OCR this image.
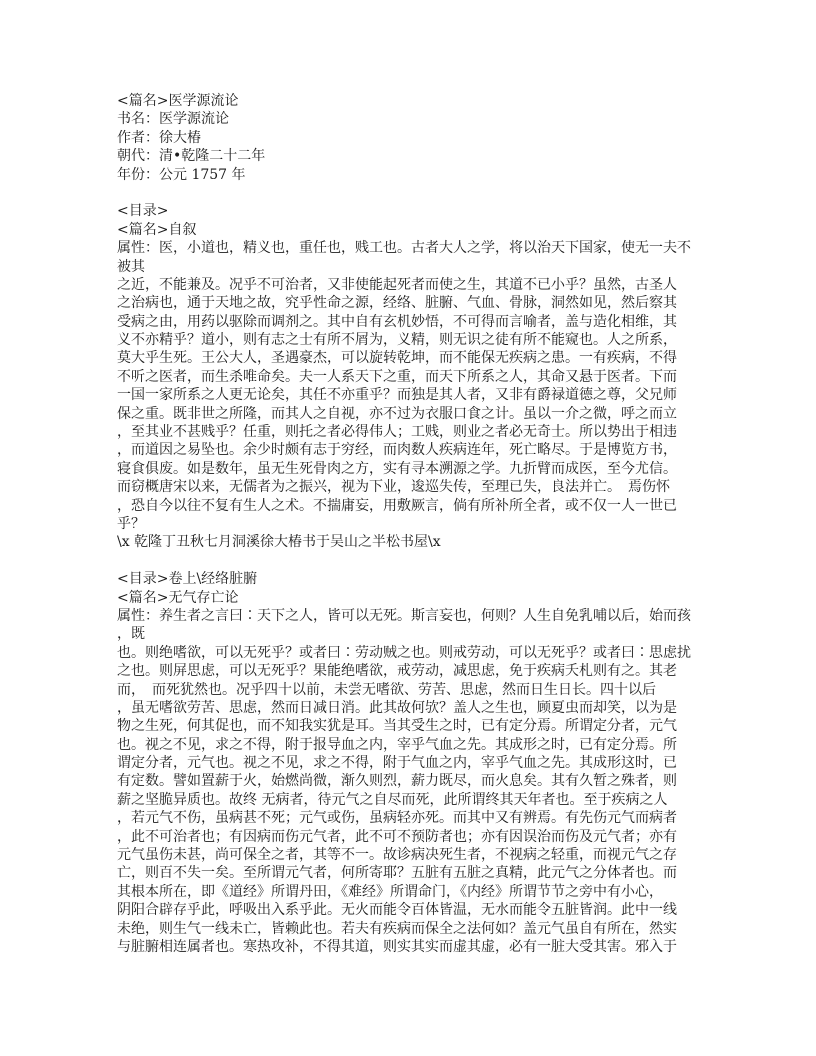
<篇名>医学源流论
书名：医学源流论
作者：徐大椿
朝代：清•乾隆二十二年
年份：公元 1757 年
<目录>
<篇名>自叙
属性：医，小道也，精义也，重任也，贱工也。古者大人之学，将以治天下国家，使无一夫不
被其
之近，不能兼及。况乎不可治者，又非使能起死者而使之生，其道不已小乎？虽然，古圣人
之治病也，通于天地之故，究乎性命之源，经络、脏腑、气血、骨脉，洞然如见，然后察其
受病之由，用药以驱除而调剂之。其中自有玄机妙悟，不可得而言喻者，盖与造化相维，其
义不亦精乎？道小，则有志之士有所不屑为，义精，则无识之徒有所不能窥也。人之所系，
莫大乎生死。王公大人，圣遇豪杰，可以旋转乾坤，而不能保无疾病之患。一有疾病，不得
不听之医者，而生杀唯命矣。夫一人系天下之重，而天下所系之人，其命又悬于医者。下而
一国一家所系之人更无论矣，其任不亦重乎？而独是其人者，又非有爵禄道德之尊，父兄师
保之重。既非世之所隆，而其人之自视，亦不过为衣服口食之计。虽以一介之微，呼之而立
，至其业不甚贱乎？任重，则托之者必得伟人；工贱，则业之者必无奇士。所以势出于相违
，而道因之易坠也。余少时颇有志于穷经，而肉数人疾病连年，死亡略尽。于是博览方书，
寝食俱废。如是数年，虽无生死骨肉之方，实有寻本溯源之学。九折臂而成医，至今尤信。
而窃概唐宋以来，无儒者为之振兴，视为下业，逡巡失传，至理已失，良法并亡。　焉伤怀
，恐自今以往不复有生人之术。不揣庸妄，用敷厥言，倘有所补所全者，或不仅一人一世已
乎？
\x 乾隆丁丑秋七月洞溪徐大椿书于吴山之半松书屋\x
<目录>卷上\经络脏腑
<篇名>无气存亡论
属性：养生者之言曰∶天下之人，皆可以无死。斯言妄也，何则？人生自免乳哺以后，始而孩
，既
也。则绝嗜欲，可以无死乎？或者曰∶劳动贼之也。则戒劳动，可以无死乎？或者曰∶思虑扰
之也。则屏思虑，可以无死乎？果能绝嗜欲，戒劳动，减思虑，免于疾病夭札则有之。其老
而，　而死犹然也。况乎四十以前，未尝无嗜欲、劳苦、思虑，然而日生日长。四十以后
，虽无嗜欲劳苦、思虑，然而日减日消。此其故何欤？盖人之生也，顾夏虫而却笑，以为是
物之生死，何其促也，而不知我实犹是耳。当其受生之时，已有定分焉。所谓定分者，元气
也。视之不见，求之不得，附于报导血之内，宰乎气血之先。其成形之时，已有定分焉。所
谓定分者，元气也。视之不见，求之不得，附于气血之内，宰乎气血之先。其成形这时，已
有定数。譬如置薪于火，始燃尚微，渐久则烈，薪力既尽，而火息矣。其有久暂之殊者，则
薪之坚脆异质也。故终 无病者，待元气之自尽而死，此所谓终其天年者也。至于疾病之人
，若元气不伤，虽病甚不死；元气或伤，虽病轻亦死。而其中又有辨焉。有先伤元气而病者
，此不可治者也；有因病而伤元气者，此不可不预防者也；亦有因误治而伤及元气者；亦有
元气虽伤未甚，尚可保全之者，其等不一。故诊病决死生者，不视病之轻重，而视元气之存
亡，则百不失一矣。至所谓元气者，何所寄耶？五脏有五脏之真精，此元气之分体者也。而
其根本所在，即《道经》所谓丹田，《难经》所谓命门，《内经》所谓节节之旁中有小心，
阴阳合辟存乎此，呼吸出入系乎此。无火而能令百体皆温，无水而能令五脏皆润。此中一线
未绝，则生气一线未亡，皆赖此也。若夫有疾病而保全之法何如？盖元气虽自有所在，然实
与脏腑相连属者也。寒热攻补，不得其道，则实其实而虚其虚，必有一脏大受其害。邪入于
